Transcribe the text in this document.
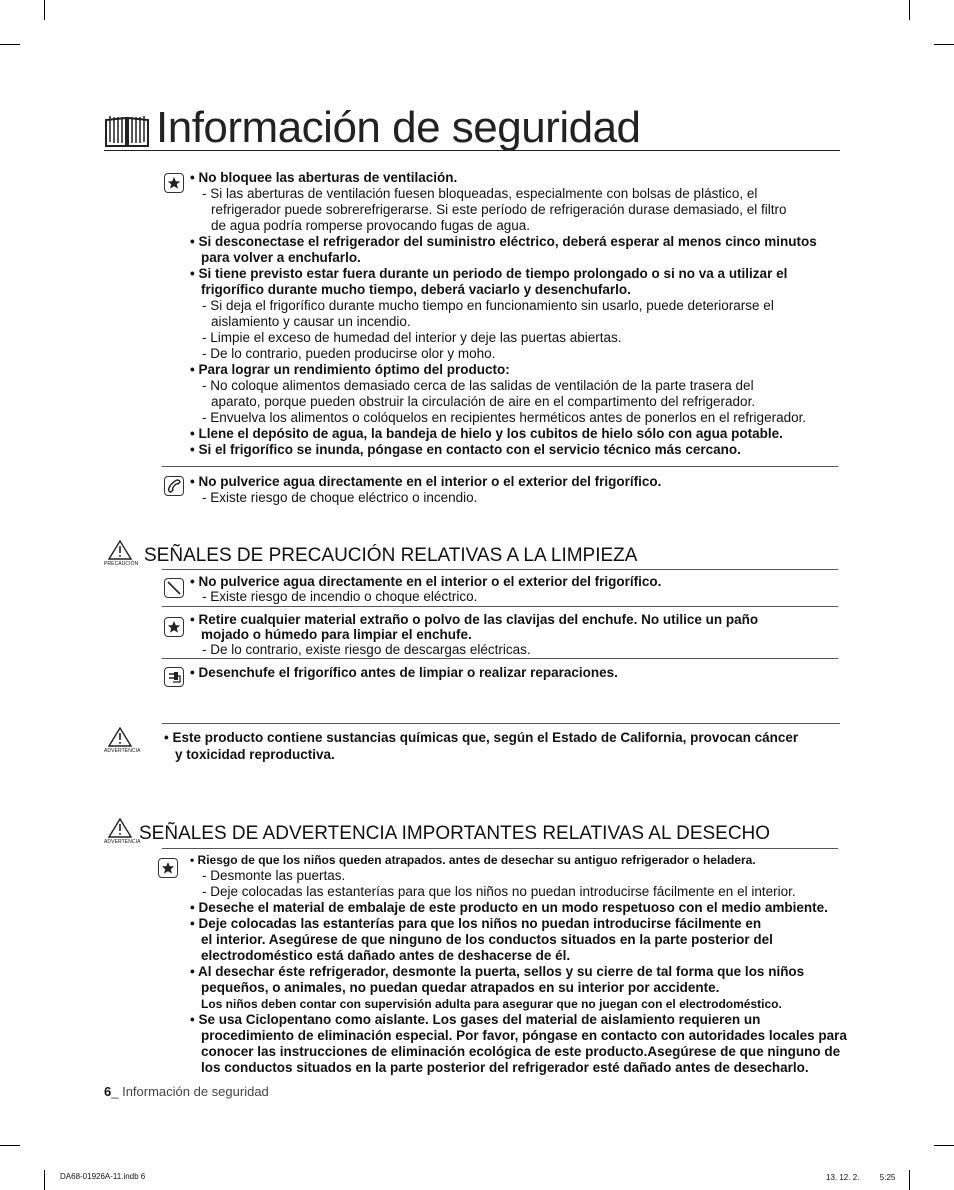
Información de seguridad
• No bloquee las aberturas de ventilación.
- Si las aberturas de ventilación fuesen bloqueadas, especialmente con bolsas de plástico, el
refrigerador puede sobrerefrigerarse. Si este período de refrigeración durase demasiado, el filtro
de agua podría romperse provocando fugas de agua.
• Si desconectase el refrigerador del suministro eléctrico, deberá esperar al menos cinco minutos
para volver a enchufarlo.
• Si tiene previsto estar fuera durante un periodo de tiempo prolongado o si no va a utilizar el
frigorífico durante mucho tiempo, deberá vaciarlo y desenchufarlo.
- Si deja el frigorífico durante mucho tiempo en funcionamiento sin usarlo, puede deteriorarse el
aislamiento y causar un incendio.
- Limpie el exceso de humedad del interior y deje las puertas abiertas.
- De lo contrario, pueden producirse olor y moho.
• Para lograr un rendimiento óptimo del producto:
- No coloque alimentos demasiado cerca de las salidas de ventilación de la parte trasera del
aparato, porque pueden obstruir la circulación de aire en el compartimento del refrigerador.
- Envuelva los alimentos o colóquelos en recipientes herméticos antes de ponerlos en el refrigerador.
• Llene el depósito de agua, la bandeja de hielo y los cubitos de hielo sólo con agua potable.
• Si el frigorífico se inunda, póngase en contacto con el servicio técnico más cercano.
• No pulverice agua directamente en el interior o el exterior del frigorífico.
- Existe riesgo de choque eléctrico o incendio.
PRECAUCIÓN SEÑALES DE PRECAUCIÓN RELATIVAS A LA LIMPIEZA
• No pulverice agua directamente en el interior o el exterior del frigorífico.
- Existe riesgo de incendio o choque eléctrico.
• Retire cualquier material extraño o polvo de las clavijas del enchufe. No utilice un paño
mojado o húmedo para limpiar el enchufe.
- De lo contrario, existe riesgo de descargas eléctricas.
• Desenchufe el frigorífico antes de limpiar o realizar reparaciones.
ADVERTENCIA
• Este producto contiene sustancias químicas que, según el Estado de California, provocan cáncer
y toxicidad reproductiva.
ADVERTENCIA
SEÑALES DE ADVERTENCIA IMPORTANTES RELATIVAS AL DESECHO
• Riesgo de que los niños queden atrapados. antes de desechar su antiguo refrigerador o heladera.
- Desmonte las puertas.
- Deje colocadas las estanterías para que los niños no puedan introducirse fácilmente en el interior.
• Deseche el material de embalaje de este producto en un modo respetuoso con el medio ambiente.
• Deje colocadas las estanterías para que los niños no puedan introducirse fácilmente en
el interior. Asegúrese de que ninguno de los conductos situados en la parte posterior del
electrodoméstico está dañado antes de deshacerse de él.
• Al desechar éste refrigerador, desmonte la puerta, sellos y su cierre de tal forma que los niños
pequeños, o animales, no puedan quedar atrapados en su interior por accidente.
Los niños deben contar con supervisión adulta para asegurar que no juegan con el electrodoméstico.
• Se usa Ciclopentano como aislante. Los gases del material de aislamiento requieren un
procedimiento de eliminación especial. Por favor, póngase en contacto con autoridades locales para
conocer las instrucciones de eliminación ecológica de este producto.Asegúrese de que ninguno de
los conductos situados en la parte posterior del refrigerador esté dañado antes de desecharlo.
6_ Información de seguridad
DA68-01926A-11.indb 6	13. 12. 2. 　　 5:25
